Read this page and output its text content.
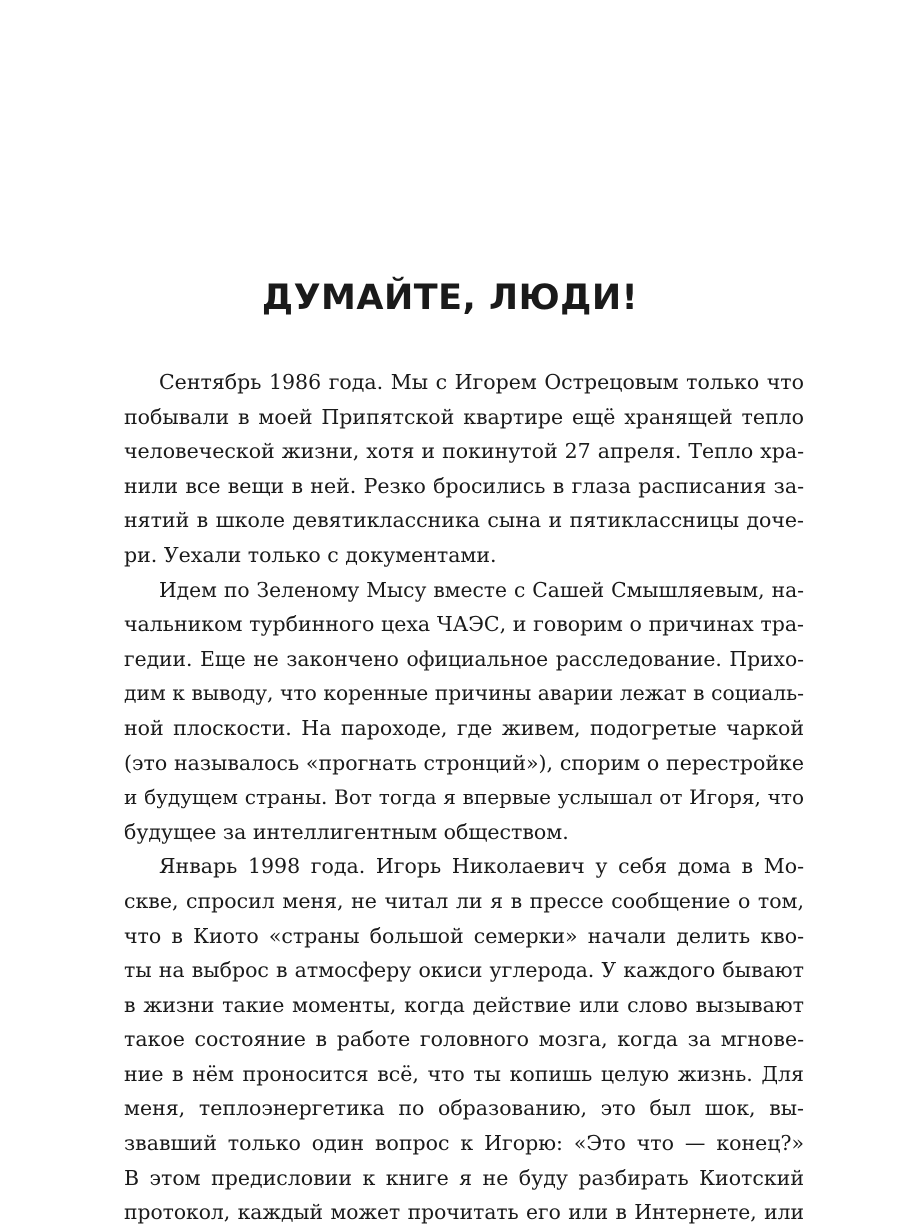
ДУМАЙТЕ, ЛЮДИ!
Сентябрь 1986 года. Мы с Игорем Острецовым только что
побывали в моей Припятской квартире ещё хранящей тепло
человеческой жизни, хотя и покинутой 27 апреля. Тепло хра-
нили все вещи в ней. Резко бросились в глаза расписания за-
нятий в школе девятиклассника сына и пятиклассницы доче-
ри. Уехали только с документами.
Идем по Зеленому Мысу вместе с Сашей Смышляевым, на-
чальником турбинного цеха ЧАЭС, и говорим о причинах тра-
гедии. Еще не закончено официальное расследование. Прихо-
дим к выводу, что коренные причины аварии лежат в социаль-
ной плоскости. На пароходе, где живем, подогретые чаркой
(это называлось «прогнать стронций»), спорим о перестройке
и будущем страны. Вот тогда я впервые услышал от Игоря, что
будущее за интеллигентным обществом.
Январь 1998 года. Игорь Николаевич у себя дома в Мо-
скве, спросил меня, не читал ли я в прессе сообщение о том,
что в Киото «страны большой семерки» начали делить кво-
ты на выброс в атмосферу окиси углерода. У каждого бывают
в жизни такие моменты, когда действие или слово вызывают
такое состояние в работе головного мозга, когда за мгнове-
ние в нём проносится всё, что ты копишь целую жизнь. Для
меня, теплоэнергетика по образованию, это был шок, вы-
звавший только один вопрос к Игорю: «Это что — конец?»
В этом предисловии к книге я не буду разбирать Киотский
протокол, каждый может прочитать его или в Интернете, или
